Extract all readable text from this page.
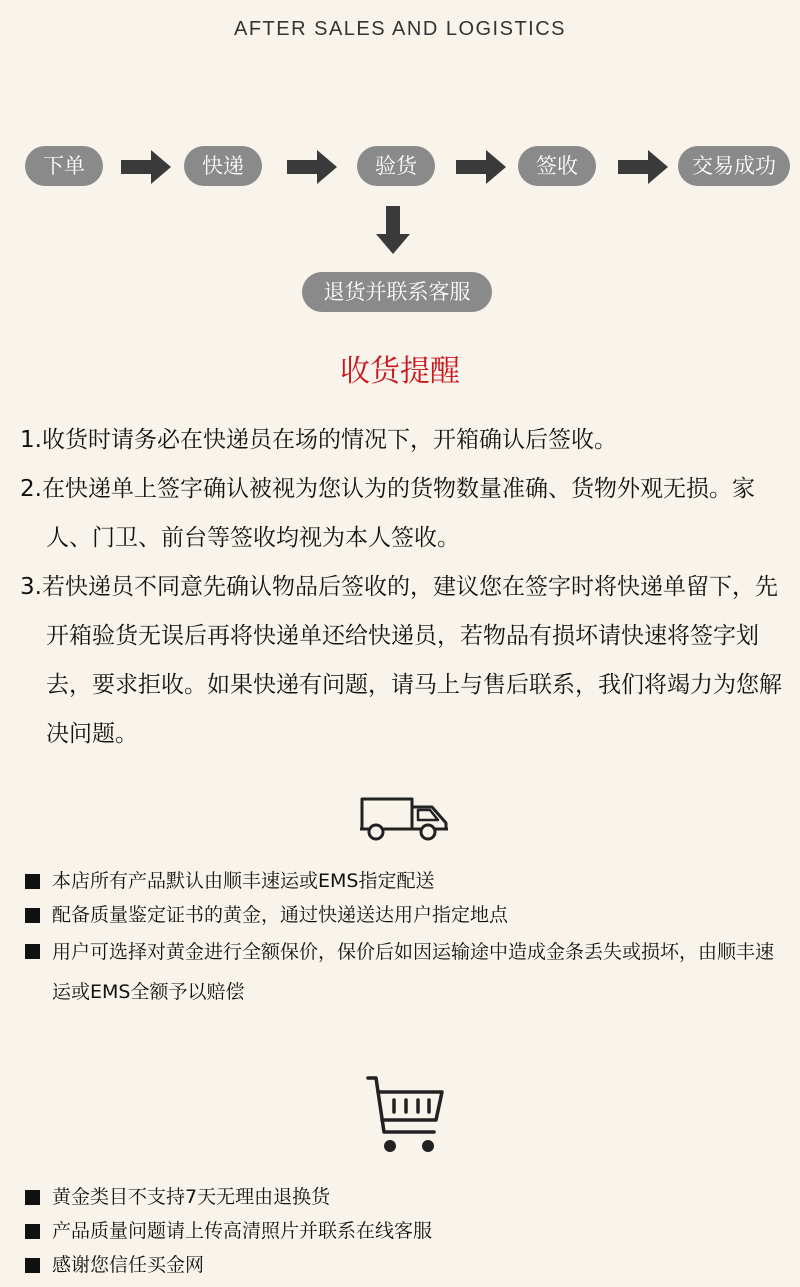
AFTER SALES AND LOGISTICS
下单	快递	验货	签收	交易成功
退货并联系客服
收货提醒
1.收货时请务必在快递员在场的情况下，开箱确认后签收。
2.在快递单上签字确认被视为您认为的货物数量准确、货物外观无损。家人、门卫、前台等签收均视为本人签收。
3.若快递员不同意先确认物品后签收的，建议您在签字时将快递单留下，先开箱验货无误后再将快递单还给快递员，若物品有损坏请快速将签字划去，要求拒收。如果快递有问题，请马上与售后联系，我们将竭力为您解决问题。
本店所有产品默认由顺丰速运或EMS指定配送
配备质量鉴定证书的黄金，通过快递送达用户指定地点
用户可选择对黄金进行全额保价，保价后如因运输途中造成金条丢失或损坏，由顺丰速运或EMS全额予以赔偿
黄金类目不支持7天无理由退换货
产品质量问题请上传高清照片并联系在线客服
感谢您信任买金网
